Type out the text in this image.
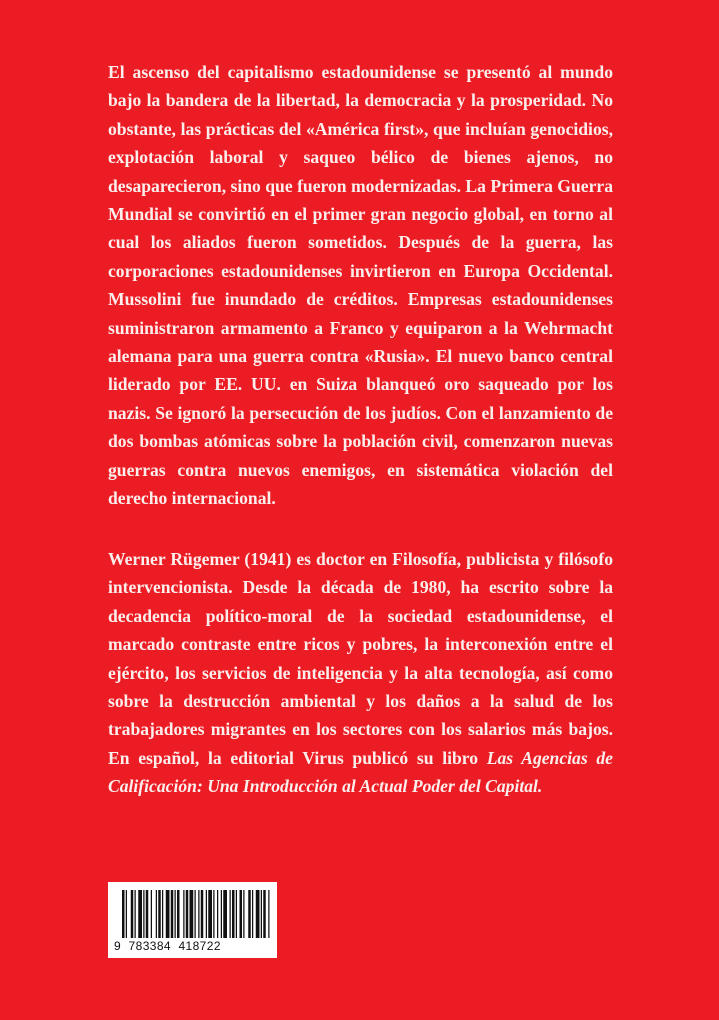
El ascenso del capitalismo estadounidense se presentó al mundo bajo la bandera de la libertad, la democracia y la prosperidad. No obstante, las prácticas del «América first», que incluían genocidios, explotación laboral y saqueo bélico de bienes ajenos, no desaparecieron, sino que fueron modernizadas. La Primera Guerra Mundial se convirtió en el primer gran negocio global, en torno al cual los aliados fueron sometidos. Después de la guerra, las corporaciones estadounidenses invirtieron en Europa Occidental. Mussolini fue inundado de créditos. Empresas estadounidenses suministraron armamento a Franco y equiparon a la Wehrmacht alemana para una guerra contra «Rusia». El nuevo banco central liderado por EE. UU. en Suiza blanqueó oro saqueado por los nazis. Se ignoró la persecución de los judíos. Con el lanzamiento de dos bombas atómicas sobre la población civil, comenzaron nuevas guerras contra nuevos enemigos, en sistemática violación del derecho internacional.
Werner Rügemer (1941) es doctor en Filosofía, publicista y filósofo intervencionista. Desde la década de 1980, ha escrito sobre la decadencia político-moral de la sociedad estadounidense, el marcado contraste entre ricos y pobres, la interconexión entre el ejército, los servicios de inteligencia y la alta tecnología, así como sobre la destrucción ambiental y los daños a la salud de los trabajadores migrantes en los sectores con los salarios más bajos. En español, la editorial Virus publicó su libro Las Agencias de Calificación: Una Introducción al Actual Poder del Capital.
9  783384  418722
